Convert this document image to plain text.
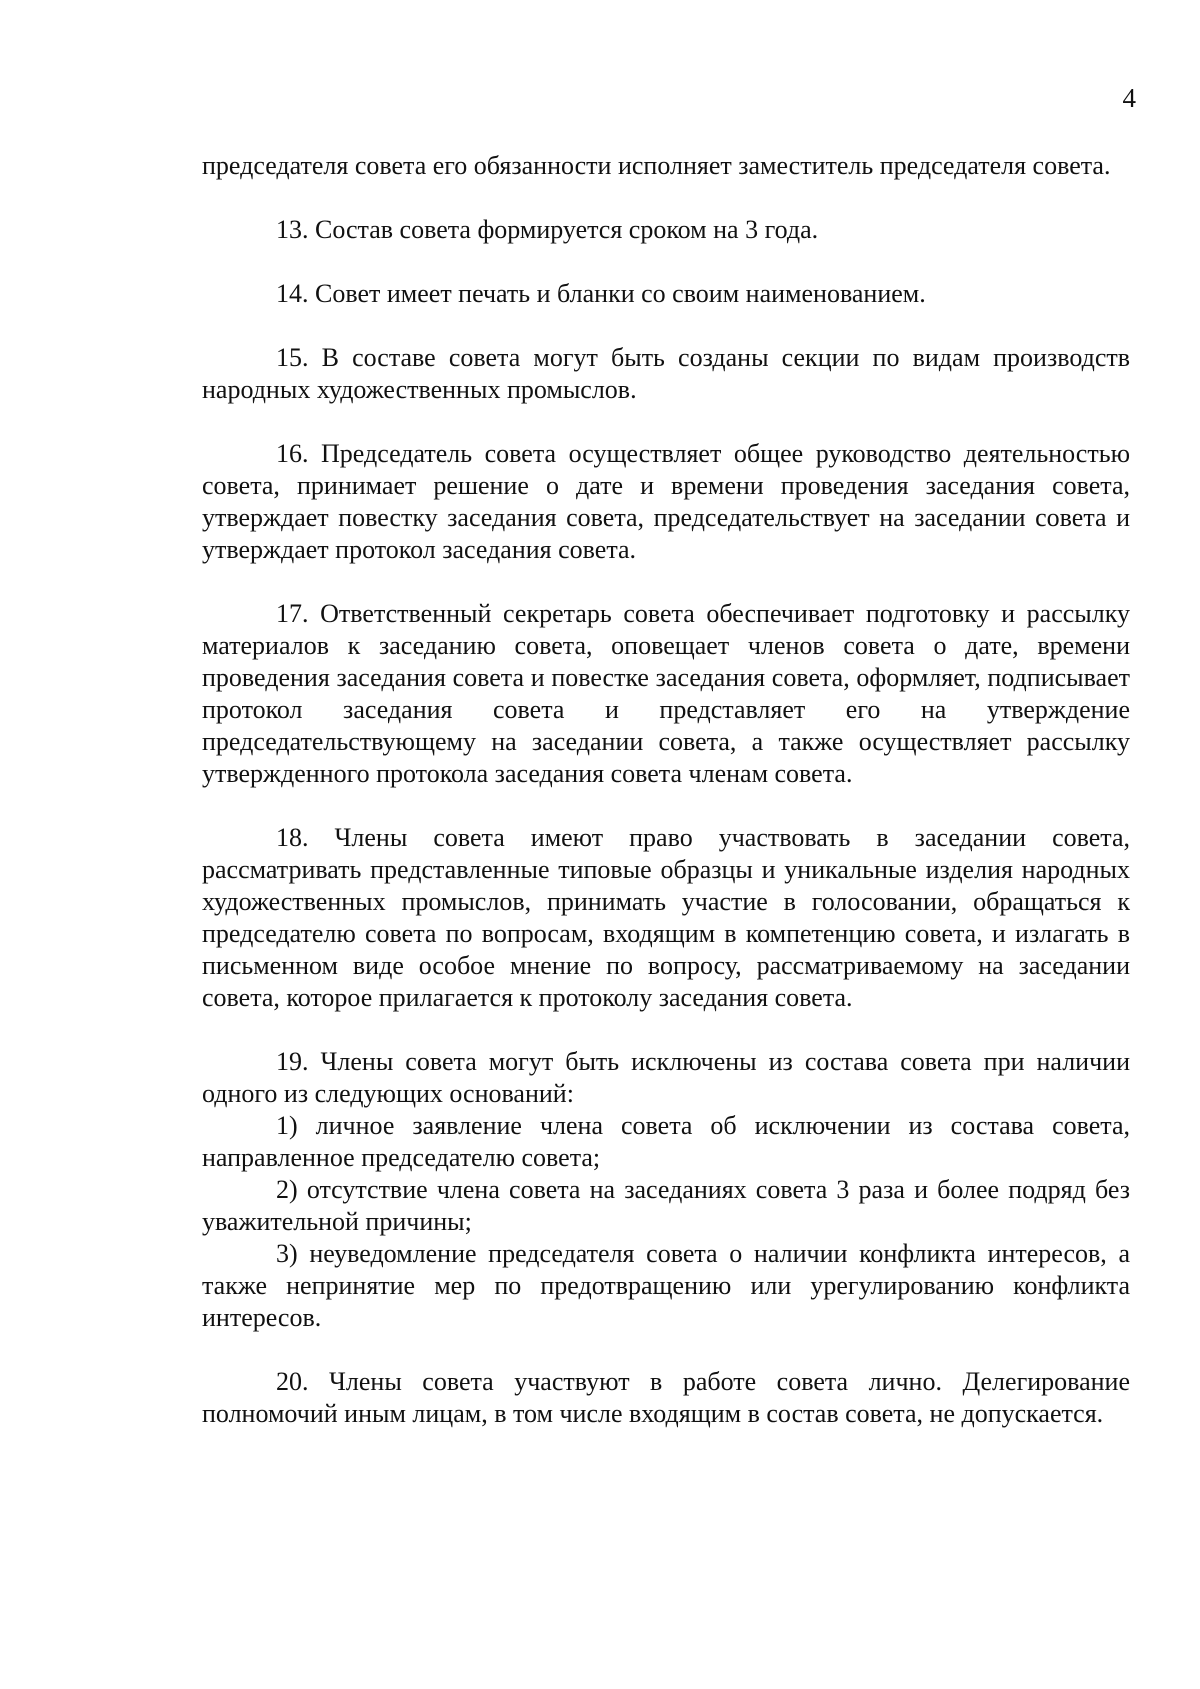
4

председателя совета его обязанности исполняет заместитель председателя совета.

13. Состав совета формируется сроком на 3 года.

14. Совет имеет печать и бланки со своим наименованием.

15. В составе совета могут быть созданы секции по видам производств народных художественных промыслов.

16. Председатель совета осуществляет общее руководство деятельностью совета, принимает решение о дате и времени проведения заседания совета, утверждает повестку заседания совета, председательствует на заседании совета и утверждает протокол заседания совета.

17. Ответственный секретарь совета обеспечивает подготовку и рассылку материалов к заседанию совета, оповещает членов совета о дате, времени проведения заседания совета и повестке заседания совета, оформляет, подписывает протокол заседания совета и представляет его на утверждение председательствующему на заседании совета, а также осуществляет рассылку утвержденного протокола заседания совета членам совета.

18. Члены совета имеют право участвовать в заседании совета, рассматривать представленные типовые образцы и уникальные изделия народных художественных промыслов, принимать участие в голосовании, обращаться к председателю совета по вопросам, входящим в компетенцию совета, и излагать в письменном виде особое мнение по вопросу, рассматриваемому на заседании совета, которое прилагается к протоколу заседания совета.

19. Члены совета могут быть исключены из состава совета при наличии одного из следующих оснований:

1) личное заявление члена совета об исключении из состава совета, направленное председателю совета;

2) отсутствие члена совета на заседаниях совета 3 раза и более подряд без уважительной причины;

3) неуведомление председателя совета о наличии конфликта интересов, а также непринятие мер по предотвращению или урегулированию конфликта интересов.

20. Члены совета участвуют в работе совета лично. Делегирование полномочий иным лицам, в том числе входящим в состав совета, не допускается.
